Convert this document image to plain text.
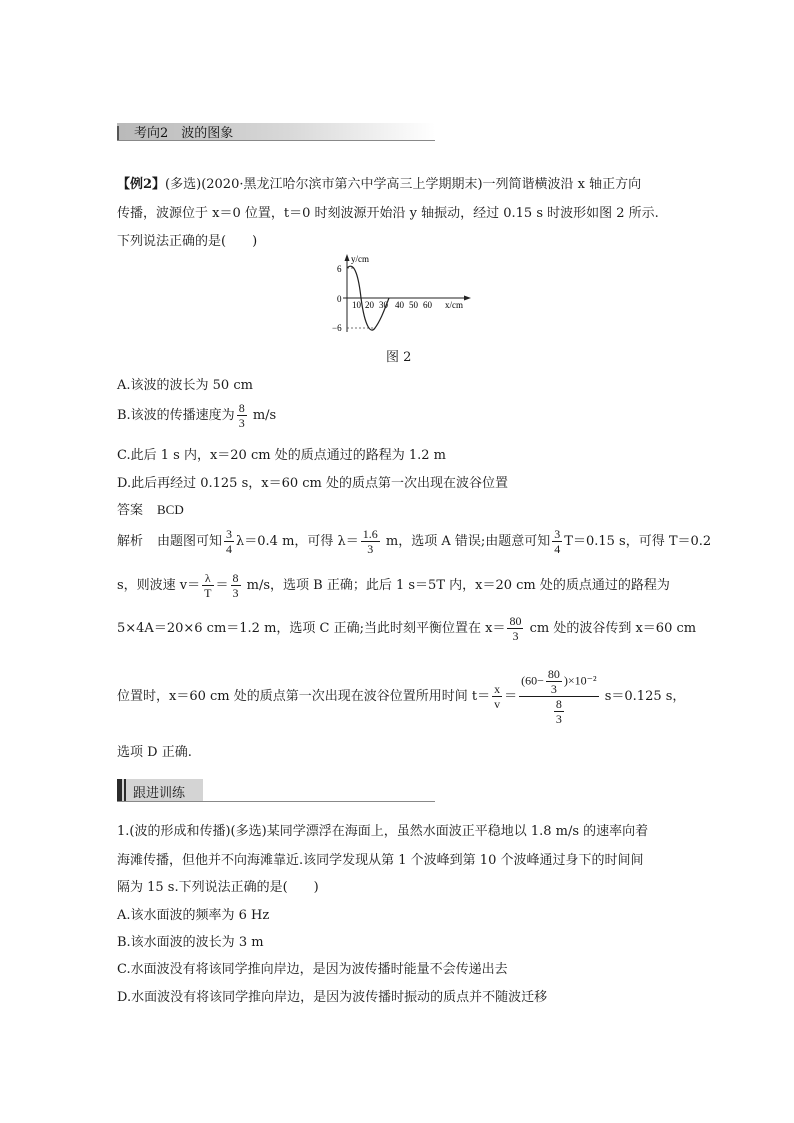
考向2　波的图象
【例2】(多选)(2020·黑龙江哈尔滨市第六中学高三上学期期末)一列简谐横波沿 x 轴正方向
传播，波源位于 x＝0 位置，t＝0 时刻波源开始沿 y 轴振动，经过 0.15 s 时波形如图 2 所示.
下列说法正确的是(　　)
y/cm
x/cm
6
0
−6
10 20 30 40 50 60
图 2
A.该波的波长为 50 cm
B.该波的传播速度为 $\frac{8}{3} m/s$
C.此后 1 s 内，x＝20 cm 处的质点通过的路程为 1.2 m
D.此后再经过 0.125 s，x＝60 cm 处的质点第一次出现在波谷位置
答案 BCD
解析 由题图可知 $\frac{3}{4} \lambda=0.4$ m，可得 $\lambda= \frac{1.6}{3}$ m，选项 A 错误;由题意可知 $\frac{3}{4} T=0.15$ s，可得 T＝0.2
s，则波速 $v= \frac{\lambda}{T} = \frac{8}{3} m/s$，选项 B 正确；此后 1 s＝5T 内，x＝20 cm 处的质点通过的路程为
5×4A＝20×6 cm＝1.2 m，选项 C 正确;当此时刻平衡位置在 $x= \frac{80}{3}$ cm 处的波谷传到 x＝60 cm
位置时，x＝60 cm 处的质点第一次出现在波谷位置所用时间 $t= \frac{x}{v} = \frac{(60- \frac{80}{3} )\times 10^{-2}}{\frac{8}{3}} s=0.125$ s，
选项 D 正确.
跟进训练
1.(波的形成和传播)(多选)某同学漂浮在海面上，虽然水面波正平稳地以 1.8 m/s 的速率向着
海滩传播，但他并不向海滩靠近.该同学发现从第 1 个波峰到第 10 个波峰通过身下的时间间
隔为 15 s.下列说法正确的是(　　)
A.该水面波的频率为 6 Hz
B.该水面波的波长为 3 m
C.水面波没有将该同学推向岸边，是因为波传播时能量不会传递出去
D.水面波没有将该同学推向岸边，是因为波传播时振动的质点并不随波迁移
